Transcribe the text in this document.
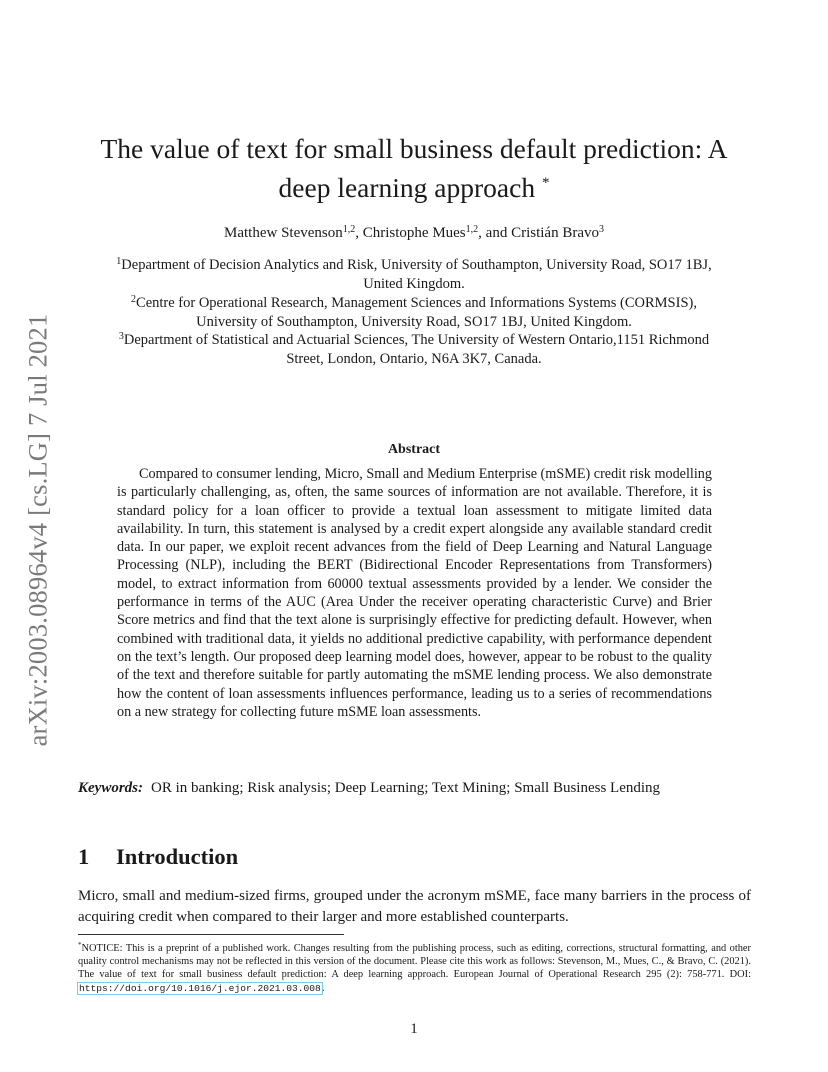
arXiv:2003.08964v4 [cs.LG] 7 Jul 2021
The value of text for small business default prediction: A
deep learning approach *
Matthew Stevenson$^{1,2}$, Christophe Mues$^{1,2}$, and Cristián Bravo$^3$
$^1$Department of Decision Analytics and Risk, University of Southampton, University Road, SO17 1BJ,
United Kingdom.
$^2$Centre for Operational Research, Management Sciences and Informations Systems (CORMSIS),
University of Southampton, University Road, SO17 1BJ, United Kingdom.
$^3$Department of Statistical and Actuarial Sciences, The University of Western Ontario,1151 Richmond
Street, London, Ontario, N6A 3K7, Canada.
Abstract

Compared to consumer lending, Micro, Small and Medium Enterprise (mSME) credit risk modelling is particularly challenging, as, often, the same sources of information are not available. Therefore, it is standard policy for a loan officer to provide a textual loan assessment to mitigate limited data availability. In turn, this statement is analysed by a credit expert alongside any available standard credit data. In our paper, we exploit recent advances from the field of Deep Learning and Natural Language Processing (NLP), including the BERT (Bidirectional Encoder Representations from Transformers) model, to extract information from 60000 textual assessments provided by a lender. We consider the performance in terms of the AUC (Area Under the receiver operating characteristic Curve) and Brier Score metrics and find that the text alone is surprisingly effective for predicting default. However, when combined with traditional data, it yields no additional predictive capability, with performance dependent on the text’s length. Our proposed deep learning model does, however, appear to be robust to the quality of the text and therefore suitable for partly automating the mSME lending process. We also demonstrate how the content of loan assessments influences performance, leading us to a series of recommendations on a new strategy for collecting future mSME loan assessments.

Keywords: OR in banking; Risk analysis; Deep Learning; Text Mining; Small Business Lending

1 Introduction

Micro, small and medium-sized firms, grouped under the acronym mSME, face many barriers in the process of acquiring credit when compared to their larger and more established counterparts.

*NOTICE: This is a preprint of a published work. Changes resulting from the publishing process, such as editing, corrections, structural formatting, and other quality control mechanisms may not be reflected in this version of the document. Please cite this work as follows: Stevenson, M., Mues, C., & Bravo, C. (2021). The value of text for small business default prediction: A deep learning approach. European Journal of Operational Research 295 (2): 758-771. DOI: https://doi.org/10.1016/j.ejor.2021.03.008.

1
